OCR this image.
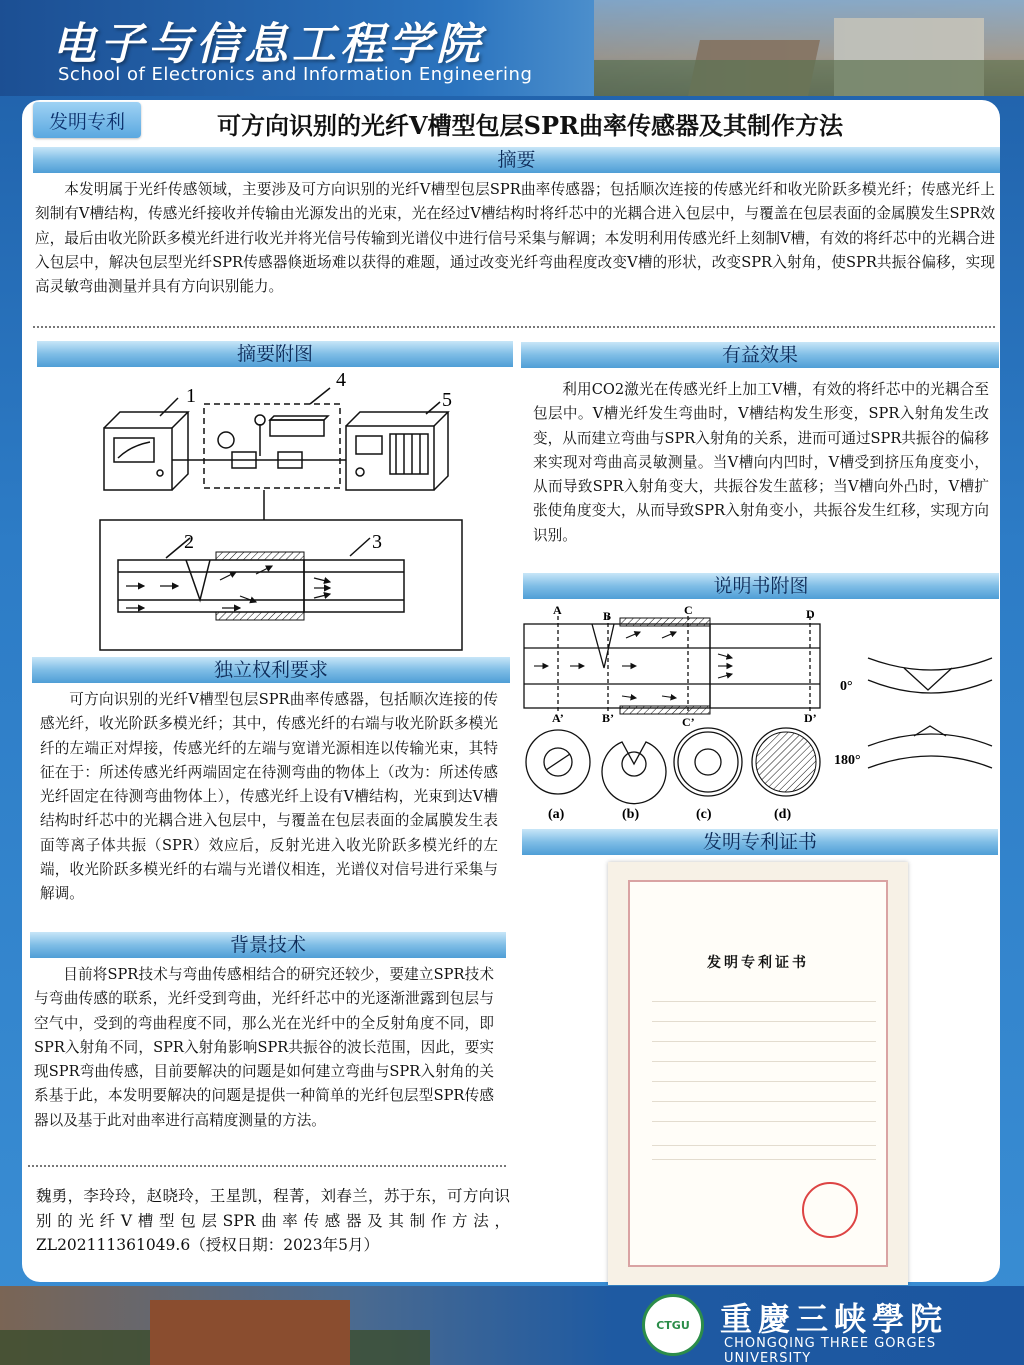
电子与信息工程学院
School of Electronics and Information Engineering
发明专利	可方向识别的光纤V槽型包层SPR曲率传感器及其制作方法
摘要
本发明属于光纤传感领域，主要涉及可方向识别的光纤V槽型包层SPR曲率传感器；包括顺次连接的传感光纤和收光阶跃多模光纤；传感光纤上刻制有V槽结构，传感光纤接收并传输由光源发出的光束，光在经过V槽结构时将纤芯中的光耦合进入包层中，与覆盖在包层表面的金属膜发生SPR效应，最后由收光阶跃多模光纤进行收光并将光信号传输到光谱仪中进行信号采集与解调；本发明利用传感光纤上刻制V槽，有效的将纤芯中的光耦合进入包层中，解决包层型光纤SPR传感器倏逝场难以获得的难题，通过改变光纤弯曲程度改变V槽的形状，改变SPR入射角，使SPR共振谷偏移，实现高灵敏弯曲测量并具有方向识别能力。
摘要附图
1
2	3
4
5
有益效果
利用CO2激光在传感光纤上加工V槽，有效的将纤芯中的光耦合至包层中。V槽光纤发生弯曲时，V槽结构发生形变，SPR入射角发生改变，从而建立弯曲与SPR入射角的关系，进而可通过SPR共振谷的偏移来实现对弯曲高灵敏测量。当V槽向内凹时，V槽受到挤压角度变小，从而导致SPR入射角变大，共振谷发生蓝移；当V槽向外凸时，V槽扩张使角度变大，从而导致SPR入射角变小，共振谷发生红移，实现方向识别。
说明书附图
A	B	C	D
A’	B’	C’	D’
0°
180°
(a)	(b)	(c)	(d)
独立权利要求
可方向识别的光纤V槽型包层SPR曲率传感器，包括顺次连接的传感光纤，收光阶跃多模光纤；其中，传感光纤的右端与收光阶跃多模光纤的左端正对焊接，传感光纤的左端与宽谱光源相连以传输光束，其特征在于：所述传感光纤两端固定在待测弯曲的物体上（改为：所述传感光纤固定在待测弯曲物体上），传感光纤上设有V槽结构，光束到达V槽结构时纤芯中的光耦合进入包层中，与覆盖在包层表面的金属膜发生表面等离子体共振（SPR）效应后，反射光进入收光阶跃多模光纤的左端，收光阶跃多模光纤的右端与光谱仪相连，光谱仪对信号进行采集与解调。
发明专利证书
发明专利证书
背景技术
目前将SPR技术与弯曲传感相结合的研究还较少，要建立SPR技术与弯曲传感的联系，光纤受到弯曲，光纤纤芯中的光逐渐泄露到包层与空气中，受到的弯曲程度不同，那么光在光纤中的全反射角度不同，即SPR入射角不同，SPR入射角影响SPR共振谷的波长范围，因此，要实现SPR弯曲传感，目前要解决的问题是如何建立弯曲与SPR入射角的关系基于此，本发明要解决的问题是提供一种简单的光纤包层型SPR传感器以及基于此对曲率进行高精度测量的方法。
魏勇，李玲玲，赵晓玲，王星凯，程菁，刘春兰，苏于东，可方向识别的光纤V槽型包层SPR曲率传感器及其制作方法，ZL202111361049.6（授权日期：2023年5月）
CTGU 重慶三峡學院
CHONGQING THREE GORGES UNIVERSITY
